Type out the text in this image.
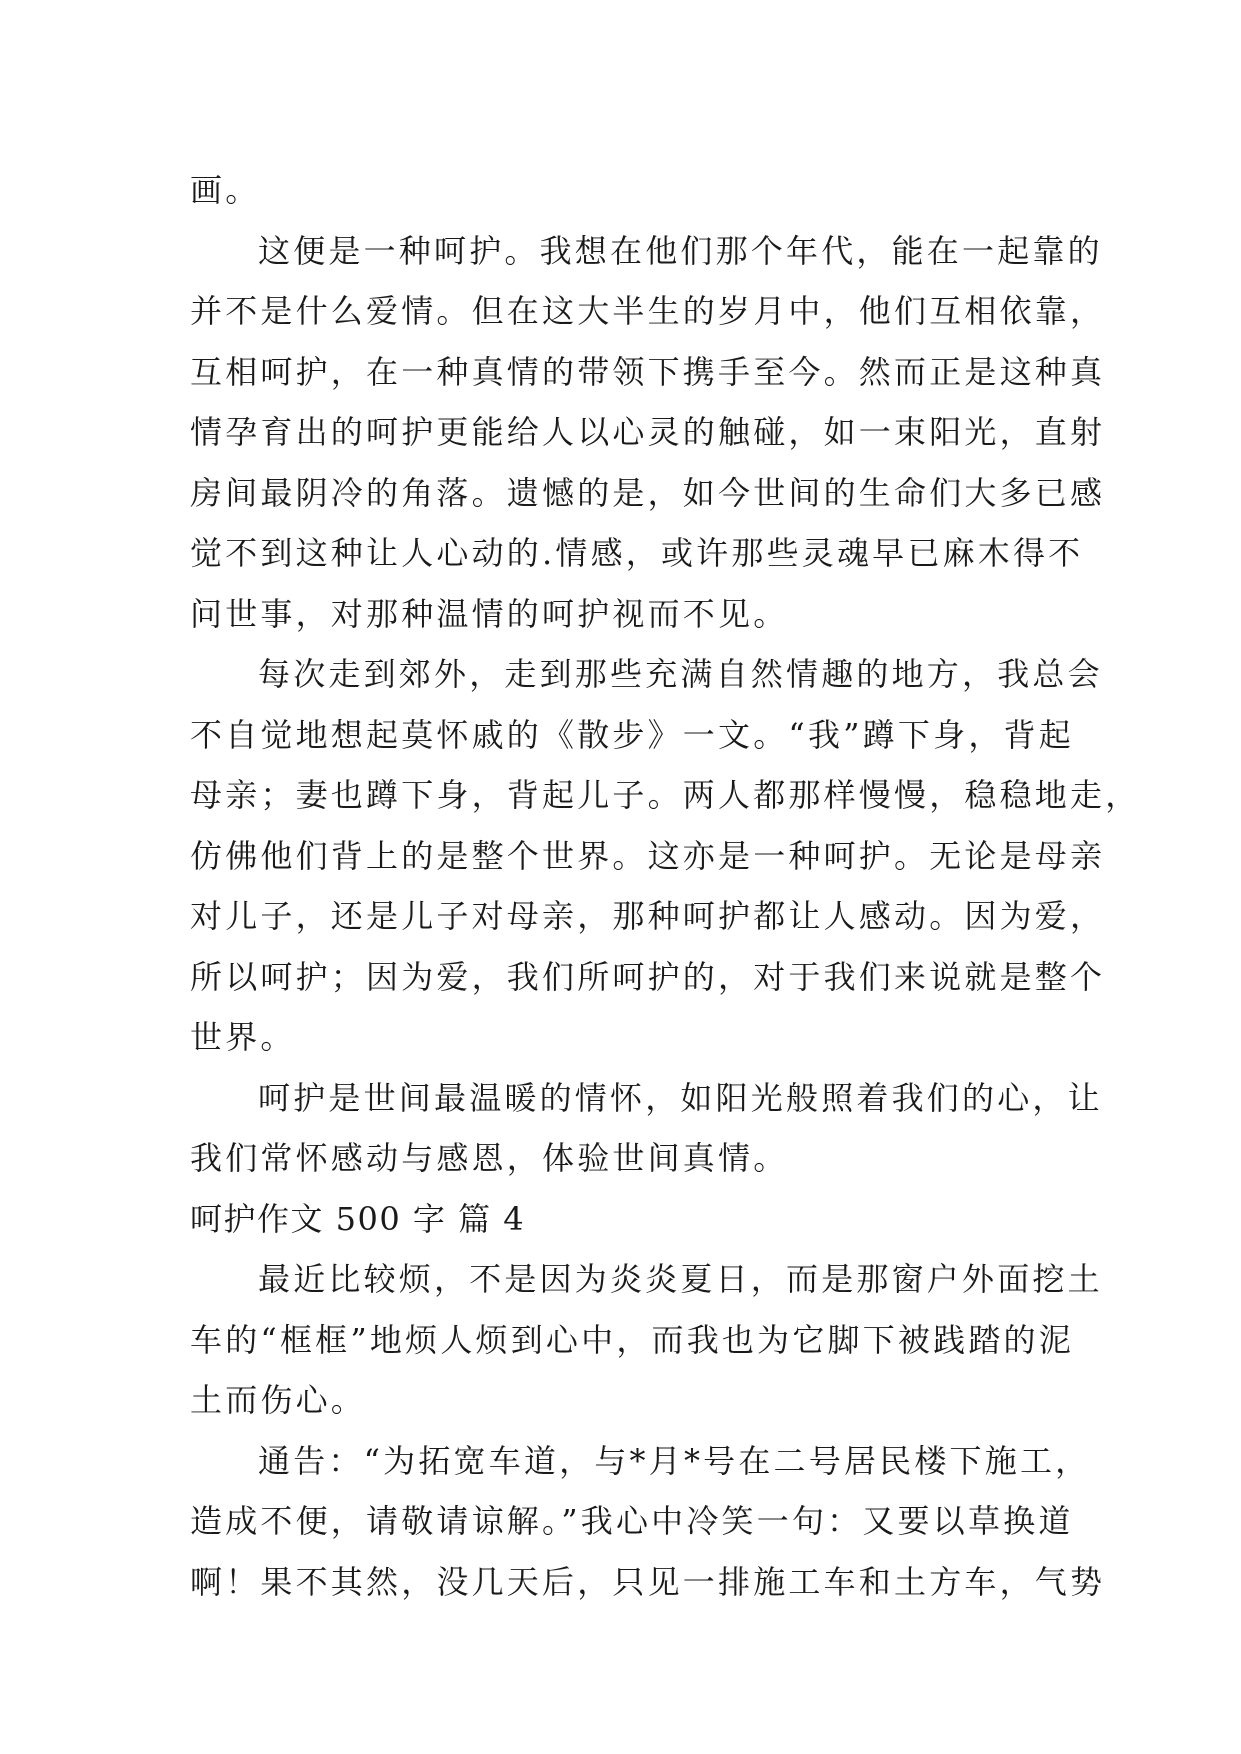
画。
这便是一种呵护。我想在他们那个年代，能在一起靠的
并不是什么爱情。但在这大半生的岁月中，他们互相依靠，
互相呵护，在一种真情的带领下携手至今。然而正是这种真
情孕育出的呵护更能给人以心灵的触碰，如一束阳光，直射
房间最阴冷的角落。遗憾的是，如今世间的生命们大多已感
觉不到这种让人心动的.情感，或许那些灵魂早已麻木得不
问世事，对那种温情的呵护视而不见。
每次走到郊外，走到那些充满自然情趣的地方，我总会
不自觉地想起莫怀戚的《散步》一文。“我”蹲下身，背起
母亲；妻也蹲下身，背起儿子。两人都那样慢慢，稳稳地走，
仿佛他们背上的是整个世界。这亦是一种呵护。无论是母亲
对儿子，还是儿子对母亲，那种呵护都让人感动。因为爱，
所以呵护；因为爱，我们所呵护的，对于我们来说就是整个
世界。
呵护是世间最温暖的情怀，如阳光般照着我们的心，让
我们常怀感动与感恩，体验世间真情。
呵护作文 500 字 篇 4
最近比较烦，不是因为炎炎夏日，而是那窗户外面挖土
车的“框框”地烦人烦到心中，而我也为它脚下被践踏的泥
土而伤心。
通告：“为拓宽车道，与*月*号在二号居民楼下施工，
造成不便，请敬请谅解。”我心中冷笑一句：又要以草换道
啊！果不其然，没几天后，只见一排施工车和土方车，气势
